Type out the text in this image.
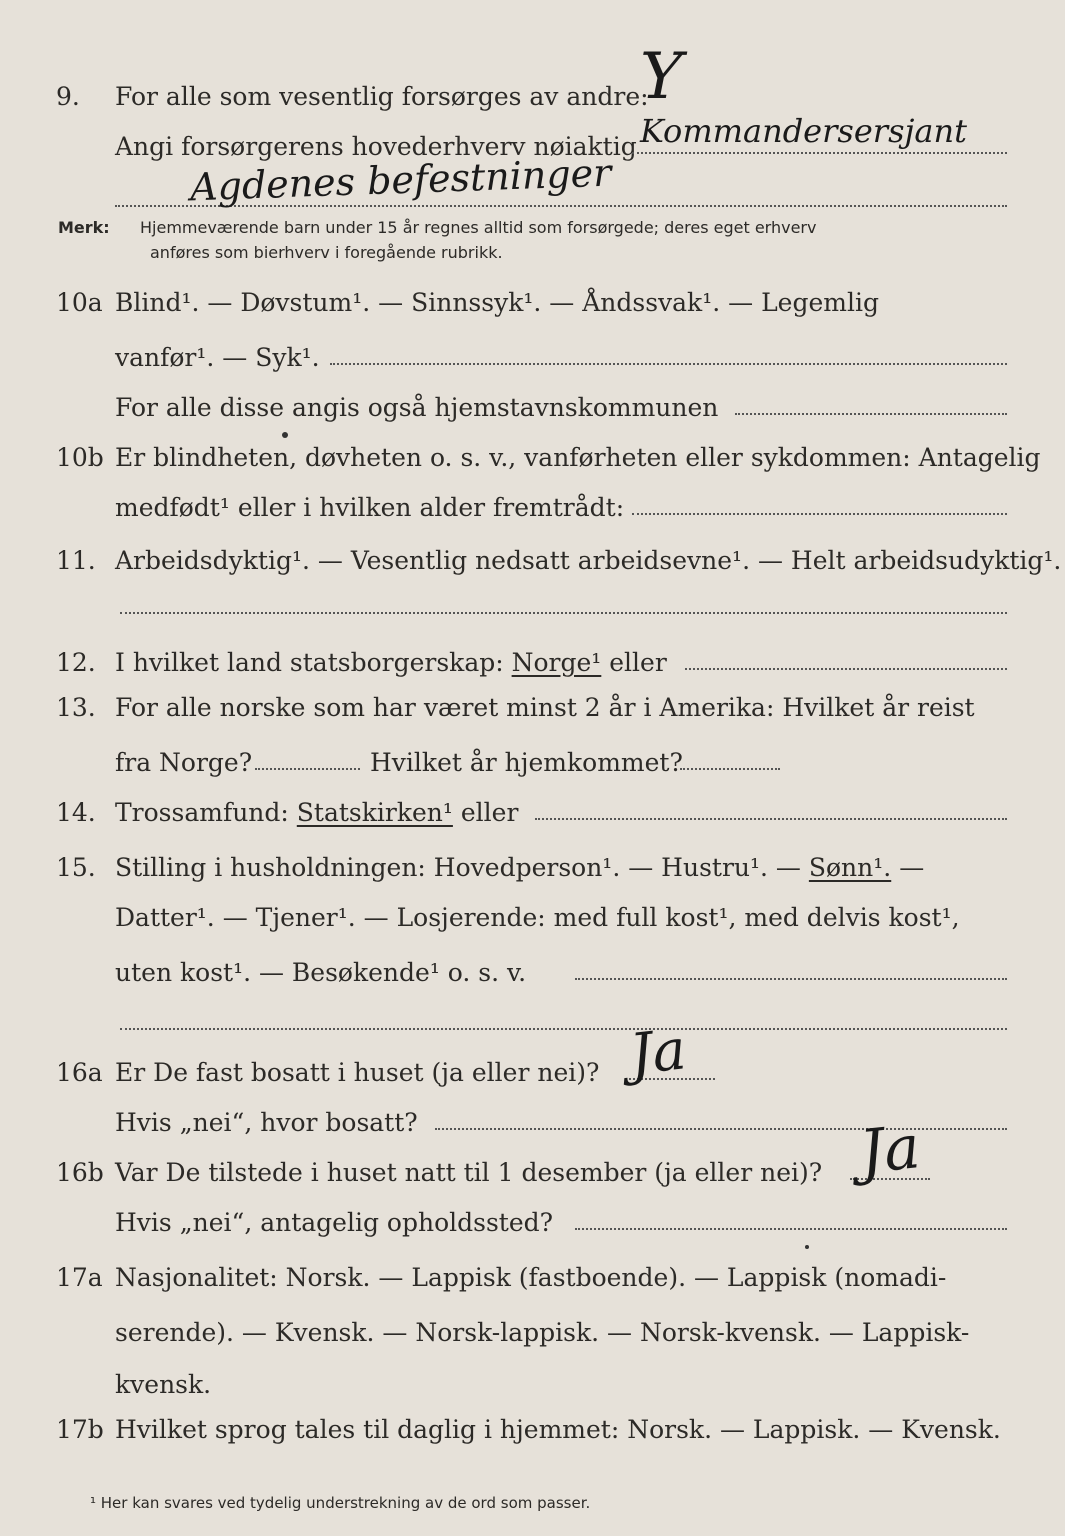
9. For alle som vesentlig forsørges av andre:
Y
Angi forsørgerens hovederhverv nøiaktig Kommandersersjant
Agdenes befestninger
Merk: Hjemmeværende barn under 15 år regnes alltid som forsørgede; deres eget erhverv
anføres som bierhverv i foregående rubrikk.
10a Blind¹. — Døvstum¹. — Sinnssyk¹. — Åndssvak¹. — Legemlig
vanfør¹. — Syk¹.
For alle disse angis også hjemstavnskommunen
10b Er blindheten, døvheten o. s. v., vanførheten eller sykdommen: Antagelig
medfødt¹ eller i hvilken alder fremtrådt:
11. Arbeidsdyktig¹. — Vesentlig nedsatt arbeidsevne¹. — Helt arbeidsudyktig¹.
12. I hvilket land statsborgerskap: Norge¹ eller
13. For alle norske som har været minst 2 år i Amerika: Hvilket år reist
fra Norge?	Hvilket år hjemkommet?
14. Trossamfund: Statskirken¹ eller
15. Stilling i husholdningen: Hovedperson¹. — Hustru¹. — Sønn¹. —
Datter¹. — Tjener¹. — Losjerende: med full kost¹, med delvis kost¹,
uten kost¹. — Besøkende¹ o. s. v.
16a Er De fast bosatt i huset (ja eller nei)? Ja
Hvis „nei“, hvor bosatt?
16b Var De tilstede i huset natt til 1 desember (ja eller nei)? Ja
Hvis „nei“, antagelig opholdssted?
17a Nasjonalitet: Norsk. — Lappisk (fastboende). — Lappisk (nomadi-
serende). — Kvensk. — Norsk-lappisk. — Norsk-kvensk. — Lappisk-
kvensk.
17b Hvilket sprog tales til daglig i hjemmet: Norsk. — Lappisk. — Kvensk.
¹ Her kan svares ved tydelig understrekning av de ord som passer.
